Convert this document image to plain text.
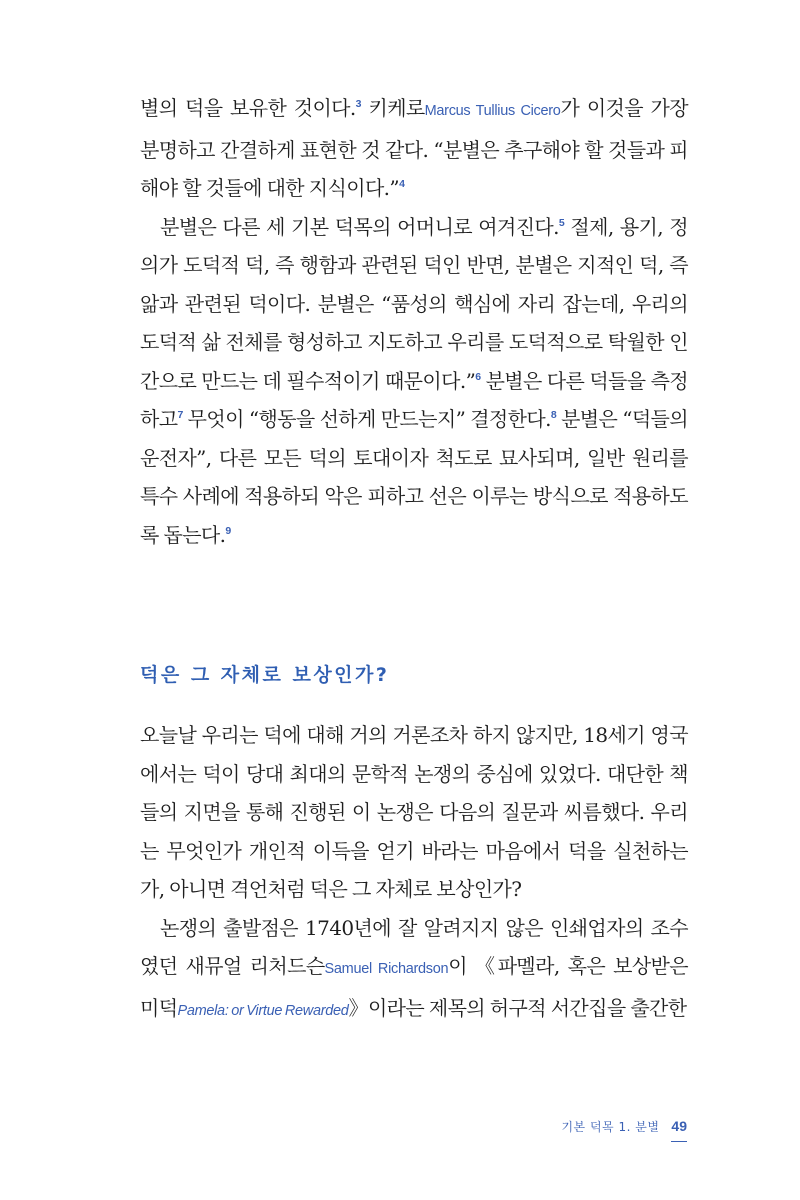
별의 덕을 보유한 것이다.$^3$ 키케로Marcus Tullius Cicero가 이것을 가장 분명하고 간결하게 표현한 것 같다. “분별은 추구해야 할 것들과 피해야 할 것들에 대한 지식이다.”$^4$

분별은 다른 세 기본 덕목의 어머니로 여겨진다.$^5$ 절제, 용기, 정의가 도덕적 덕, 즉 행함과 관련된 덕인 반면, 분별은 지적인 덕, 즉 앎과 관련된 덕이다. 분별은 “품성의 핵심에 자리 잡는데, 우리의 도덕적 삶 전체를 형성하고 지도하고 우리를 도덕적으로 탁월한 인간으로 만드는 데 필수적이기 때문이다.”$^6$ 분별은 다른 덕들을 측정하고$^7$ 무엇이 “행동을 선하게 만드는지” 결정한다.$^8$ 분별은 “덕들의 운전자”, 다른 모든 덕의 토대이자 척도로 묘사되며, 일반 원리를 특수 사례에 적용하되 악은 피하고 선은 이루는 방식으로 적용하도록 돕는다.$^9$

덕은 그 자체로 보상인가?

오늘날 우리는 덕에 대해 거의 거론조차 하지 않지만, 18세기 영국에서는 덕이 당대 최대의 문학적 논쟁의 중심에 있었다. 대단한 책들의 지면을 통해 진행된 이 논쟁은 다음의 질문과 씨름했다. 우리는 무엇인가 개인적 이득을 얻기 바라는 마음에서 덕을 실천하는가, 아니면 격언처럼 덕은 그 자체로 보상인가?

논쟁의 출발점은 1740년에 잘 알려지지 않은 인쇄업자의 조수였던 새뮤얼 리처드슨Samuel Richardson이 《파멜라, 혹은 보상받은 미덕Pamela: or Virtue Rewarded》이라는 제목의 허구적 서간집을 출간한

기본 덕목 1. 분별 49
